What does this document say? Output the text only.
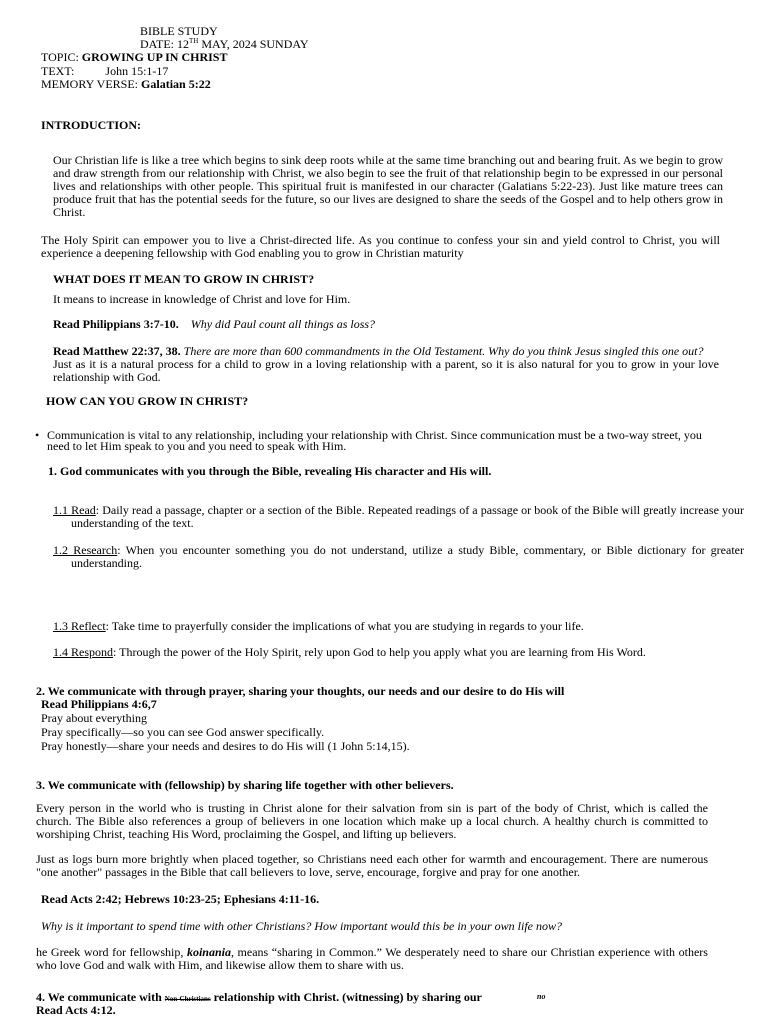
BIBLE STUDY
DATE: 12TH MAY, 2024 SUNDAY
TOPIC: GROWING UP IN CHRIST
TEXT:	John 15:1-17
MEMORY VERSE: Galatian 5:22
INTRODUCTION:
Our Christian life is like a tree which begins to sink deep roots while at the same time branching out and bearing fruit. As we begin to grow and draw strength from our relationship with Christ, we also begin to see the fruit of that relationship begin to be expressed in our personal lives and relationships with other people. This spiritual fruit is manifested in our character (Galatians 5:22-23). Just like mature trees can produce fruit that has the potential seeds for the future, so our lives are designed to share the seeds of the Gospel and to help others grow in Christ.
The Holy Spirit can empower you to live a Christ-directed life. As you continue to confess your sin and yield control to Christ, you will experience a deepening fellowship with God enabling you to grow in Christian maturity
WHAT DOES IT MEAN TO GROW IN CHRIST?
It means to increase in knowledge of Christ and love for Him.
Read Philippians 3:7-10. Why did Paul count all things as loss?
Read Matthew 22:37, 38. There are more than 600 commandments in the Old Testament. Why do you think Jesus singled this one out?
Just as it is a natural process for a child to grow in a loving relationship with a parent, so it is also natural for you to grow in your love relationship with God.
HOW CAN YOU GROW IN CHRIST?
• Communication is vital to any relationship, including your relationship with Christ. Since communication must be a two-way street, you need to let Him speak to you and you need to speak with Him.
1. God communicates with you through the Bible, revealing His character and His will.
1.1 Read: Daily read a passage, chapter or a section of the Bible. Repeated readings of a passage or book of the Bible will greatly increase your understanding of the text.
1.2 Research: When you encounter something you do not understand, utilize a study Bible, commentary, or Bible dictionary for greater understanding.
1.3 Reflect: Take time to prayerfully consider the implications of what you are studying in regards to your life.
1.4 Respond: Through the power of the Holy Spirit, rely upon God to help you apply what you are learning from His Word.
2. We communicate with through prayer, sharing your thoughts, our needs and our desire to do His will
Read Philippians 4:6,7
Pray about everything
Pray specifically—so you can see God answer specifically.
Pray honestly—share your needs and desires to do His will (1 John 5:14,15).
3. We communicate with (fellowship) by sharing life together with other believers.
Every person in the world who is trusting in Christ alone for their salvation from sin is part of the body of Christ, which is called the church. The Bible also references a group of believers in one location which make up a local church. A healthy church is committed to worshiping Christ, teaching His Word, proclaiming the Gospel, and lifting up believers.
Just as logs burn more brightly when placed together, so Christians need each other for warmth and encouragement. There are numerous "one another" passages in the Bible that call believers to love, serve, encourage, forgive and pray for one another.
Read Acts 2:42; Hebrews 10:23-25; Ephesians 4:11-16.
Why is it important to spend time with other Christians? How important would this be in your own life now?
he Greek word for fellowship, koinania, means “sharing in Common.” We desperately need to share our Christian experience with others who love God and walk with Him, and likewise allow them to share with us.
4. We communicate with Non-Christians relationship with Christ. (witnessing) by sharing our	no
Read Acts 4:12.
